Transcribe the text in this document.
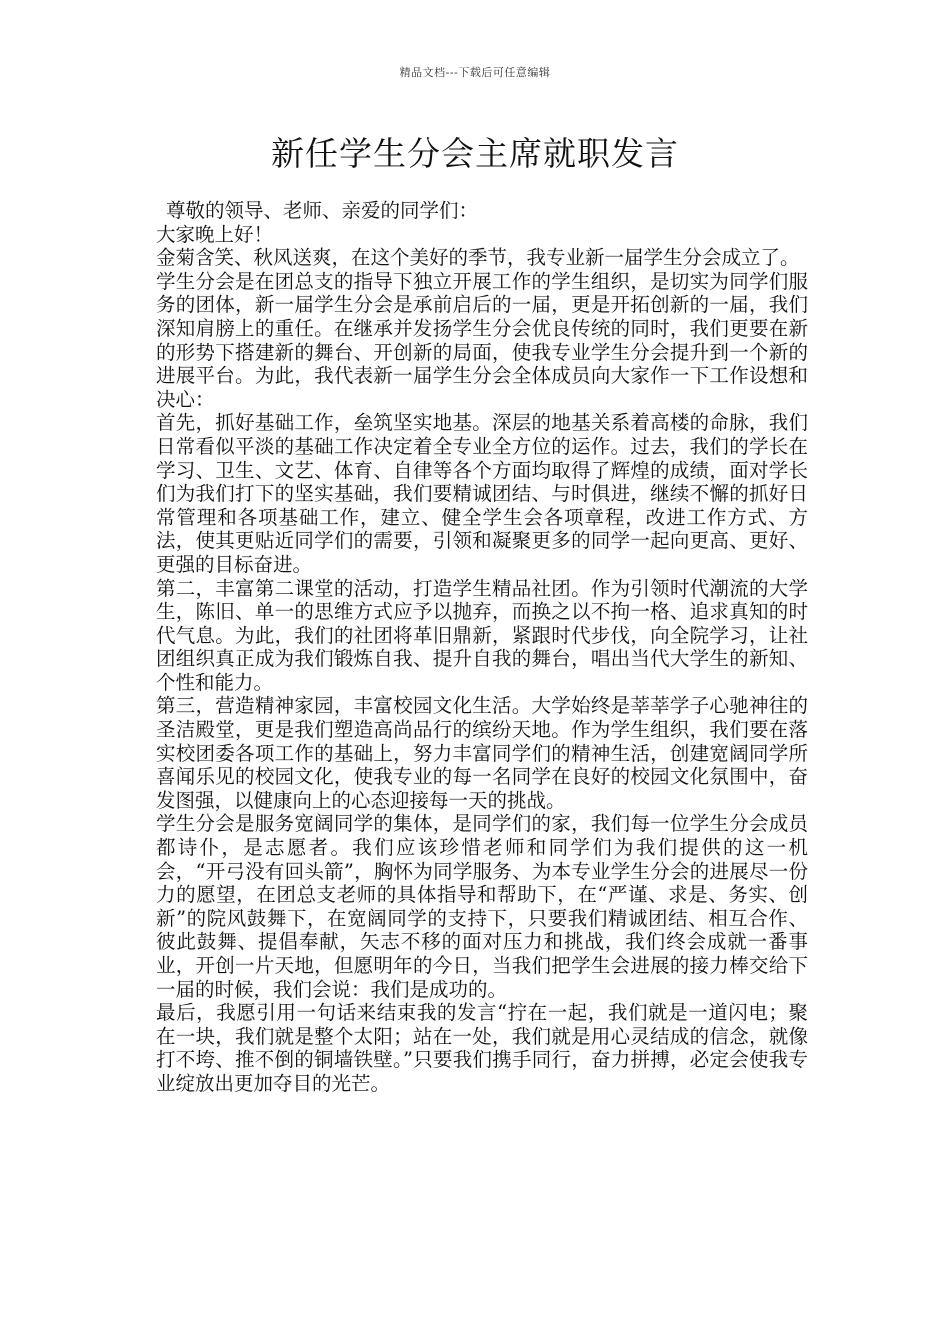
精品文档---下载后可任意编辑
新任学生分会主席就职发言

尊敬的领导、老师、亲爱的同学们：

大家晚上好！

金菊含笑、秋风送爽，在这个美好的季节，我专业新一届学生分会成立了。

学生分会是在团总支的指导下独立开展工作的学生组织，是切实为同学们服务的团体，新一届学生分会是承前启后的一届，更是开拓创新的一届，我们深知肩膀上的重任。在继承并发扬学生分会优良传统的同时，我们更要在新的形势下搭建新的舞台、开创新的局面，使我专业学生分会提升到一个新的进展平台。为此，我代表新一届学生分会全体成员向大家作一下工作设想和决心：

首先，抓好基础工作，垒筑坚实地基。深层的地基关系着高楼的命脉，我们日常看似平淡的基础工作决定着全专业全方位的运作。过去，我们的学长在学习、卫生、文艺、体育、自律等各个方面均取得了辉煌的成绩，面对学长们为我们打下的坚实基础，我们要精诚团结、与时俱进，继续不懈的抓好日常管理和各项基础工作，建立、健全学生会各项章程，改进工作方式、方法，使其更贴近同学们的需要，引领和凝聚更多的同学一起向更高、更好、更强的目标奋进。

第二，丰富第二课堂的活动，打造学生精品社团。作为引领时代潮流的大学生，陈旧、单一的思维方式应予以抛弃，而换之以不拘一格、追求真知的时代气息。为此，我们的社团将革旧鼎新，紧跟时代步伐，向全院学习，让社团组织真正成为我们锻炼自我、提升自我的舞台，唱出当代大学生的新知、个性和能力。

第三，营造精神家园，丰富校园文化生活。大学始终是莘莘学子心驰神往的圣洁殿堂，更是我们塑造高尚品行的缤纷天地。作为学生组织，我们要在落实校团委各项工作的基础上，努力丰富同学们的精神生活，创建宽阔同学所喜闻乐见的校园文化，使我专业的每一名同学在良好的校园文化氛围中，奋发图强，以健康向上的心态迎接每一天的挑战。

学生分会是服务宽阔同学的集体，是同学们的家，我们每一位学生分会成员都诗仆，是志愿者。我们应该珍惜老师和同学们为我们提供的这一机会，“开弓没有回头箭”，胸怀为同学服务、为本专业学生分会的进展尽一份力的愿望，在团总支老师的具体指导和帮助下，在“严谨、求是、务实、创新”的院风鼓舞下，在宽阔同学的支持下，只要我们精诚团结、相互合作、彼此鼓舞、提倡奉献，矢志不移的面对压力和挑战，我们终会成就一番事业，开创一片天地，但愿明年的今日，当我们把学生会进展的接力棒交给下一届的时候，我们会说：我们是成功的。

最后，我愿引用一句话来结束我的发言“拧在一起，我们就是一道闪电；聚在一块，我们就是整个太阳；站在一处，我们就是用心灵结成的信念，就像打不垮、推不倒的铜墙铁壁。”只要我们携手同行，奋力拼搏，必定会使我专业绽放出更加夺目的光芒。
